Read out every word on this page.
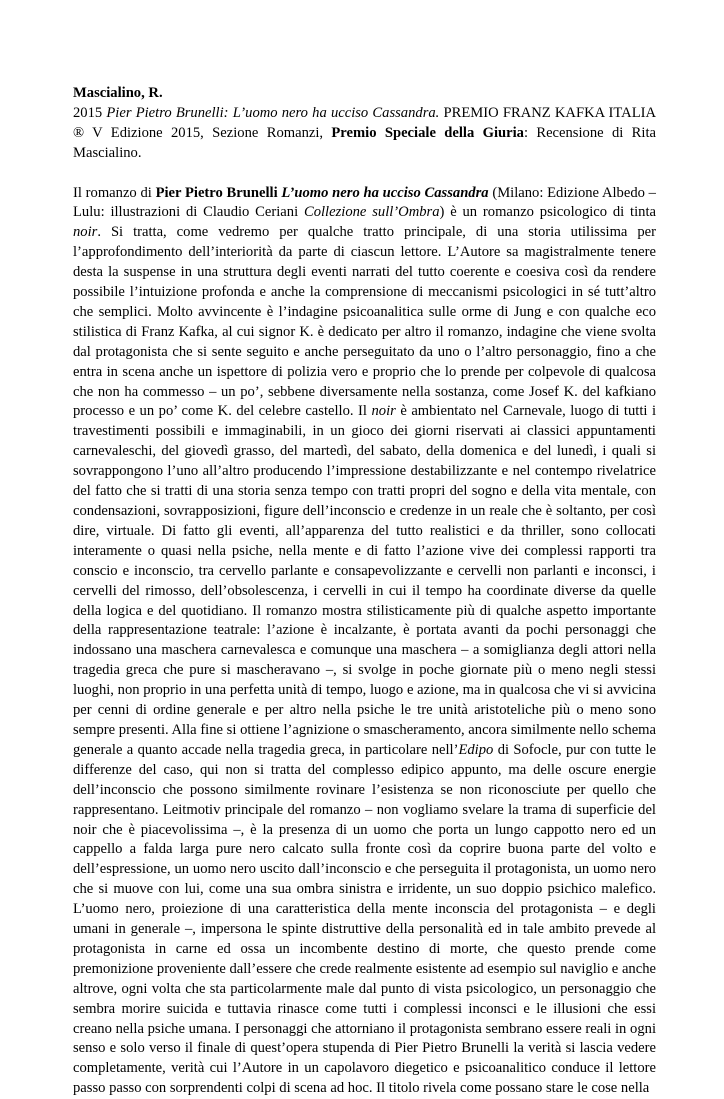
Mascialino, R.
2015 Pier Pietro Brunelli: L’uomo nero ha ucciso Cassandra. PREMIO FRANZ KAFKA ITALIA ® V Edizione 2015, Sezione Romanzi, Premio Speciale della Giuria: Recensione di Rita Mascialino.

Il romanzo di Pier Pietro Brunelli L’uomo nero ha ucciso Cassandra (Milano: Edizione Albedo – Lulu: illustrazioni di Claudio Ceriani Collezione sull’Ombra) è un romanzo psicologico di tinta noir. Si tratta, come vedremo per qualche tratto principale, di una storia utilissima per l’approfondimento dell’interiorità da parte di ciascun lettore. L’Autore sa magistralmente tenere desta la suspense in una struttura degli eventi narrati del tutto coerente e coesiva così da rendere possibile l’intuizione profonda e anche la comprensione di meccanismi psicologici in sé tutt’altro che semplici. Molto avvincente è l’indagine psicoanalitica sulle orme di Jung e con qualche eco stilistica di Franz Kafka, al cui signor K. è dedicato per altro il romanzo, indagine che viene svolta dal protagonista che si sente seguito e anche perseguitato da uno o l’altro personaggio, fino a che entra in scena anche un ispettore di polizia vero e proprio che lo prende per colpevole di qualcosa che non ha commesso – un po’, sebbene diversamente nella sostanza, come Josef K. del kafkiano processo e un po’ come K. del celebre castello. Il noir è ambientato nel Carnevale, luogo di tutti i travestimenti possibili e immaginabili, in un gioco dei giorni riservati ai classici appuntamenti carnevaleschi, del giovedì grasso, del martedì, del sabato, della domenica e del lunedì, i quali si sovrappongono l’uno all’altro producendo l’impressione destabilizzante e nel contempo rivelatrice del fatto che si tratti di una storia senza tempo con tratti propri del sogno e della vita mentale, con condensazioni, sovrapposizioni, figure dell’inconscio e credenze in un reale che è soltanto, per così dire, virtuale. Di fatto gli eventi, all’apparenza del tutto realistici e da thriller, sono collocati interamente o quasi nella psiche, nella mente e di fatto l’azione vive dei complessi rapporti tra conscio e inconscio, tra cervello parlante e consapevolizzante e cervelli non parlanti e inconsci, i cervelli del rimosso, dell’obsolescenza, i cervelli in cui il tempo ha coordinate diverse da quelle della logica e del quotidiano. Il romanzo mostra stilisticamente più di qualche aspetto importante della rappresentazione teatrale: l’azione è incalzante, è portata avanti da pochi personaggi che indossano una maschera carnevalesca e comunque una maschera – a somiglianza degli attori nella tragedia greca che pure si mascheravano –, si svolge in poche giornate più o meno negli stessi luoghi, non proprio in una perfetta unità di tempo, luogo e azione, ma in qualcosa che vi si avvicina per cenni di ordine generale e per altro nella psiche le tre unità aristoteliche più o meno sono sempre presenti. Alla fine si ottiene l’agnizione o smascheramento, ancora similmente nello schema generale a quanto accade nella tragedia greca, in particolare nell’Edipo di Sofocle, pur con tutte le differenze del caso, qui non si tratta del complesso edipico appunto, ma delle oscure energie dell’inconscio che possono similmente rovinare l’esistenza se non riconosciute per quello che rappresentano. Leitmotiv principale del romanzo – non vogliamo svelare la trama di superficie del noir che è piacevolissima –, è la presenza di un uomo che porta un lungo cappotto nero ed un cappello a falda larga pure nero calcato sulla fronte così da coprire buona parte del volto e dell’espressione, un uomo nero uscito dall’inconscio e che perseguita il protagonista, un uomo nero che si muove con lui, come una sua ombra sinistra e irridente, un suo doppio psichico malefico. L’uomo nero, proiezione di una caratteristica della mente inconscia del protagonista – e degli umani in generale –, impersona le spinte distruttive della personalità ed in tale ambito prevede al protagonista in carne ed ossa un incombente destino di morte, che questo prende come premonizione proveniente dall’essere che crede realmente esistente ad esempio sul naviglio e anche altrove, ogni volta che sta particolarmente male dal punto di vista psicologico, un personaggio che sembra morire suicida e tuttavia rinasce come tutti i complessi inconsci e le illusioni che essi creano nella psiche umana. I personaggi che attorniano il protagonista sembrano essere reali in ogni senso e solo verso il finale di quest’opera stupenda di Pier Pietro Brunelli la verità si lascia vedere completamente, verità cui l’Autore in un capolavoro diegetico e psicoanalitico conduce il lettore passo passo con sorprendenti colpi di scena ad hoc. Il titolo rivela come possano stare le cose nella
